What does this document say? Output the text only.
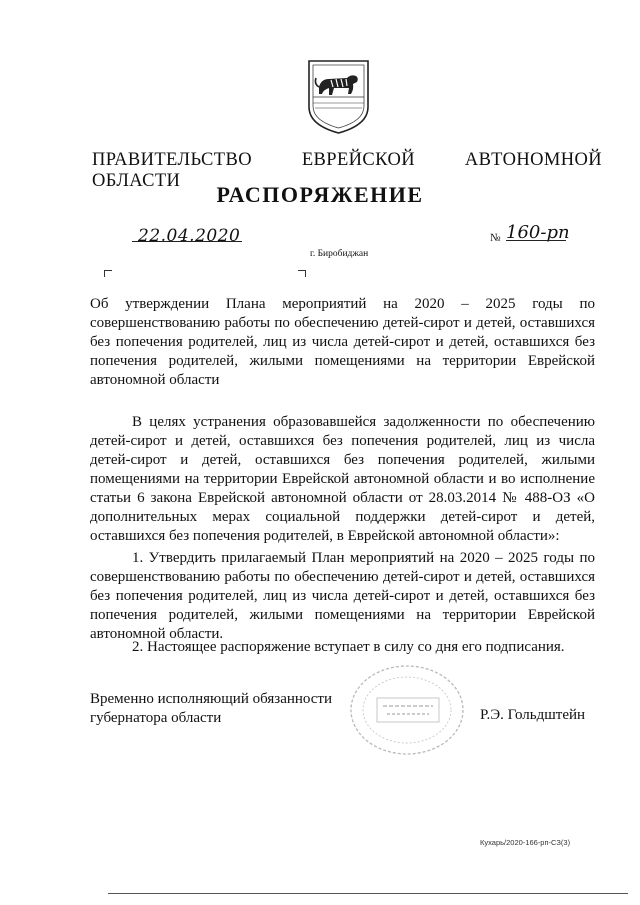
ПРАВИТЕЛЬСТВО ЕВРЕЙСКОЙ АВТОНОМНОЙ ОБЛАСТИ
РАСПОРЯЖЕНИЕ
22.04.2020	№ 160-рп
г. Биробиджан
Об утверждении Плана мероприятий на 2020 – 2025 годы по совершенствованию работы по обеспечению детей-сирот и детей, оставшихся без попечения родителей, лиц из числа детей-сирот и детей, оставшихся без попечения родителей, жилыми помещениями на территории Еврейской автономной области
В целях устранения образовавшейся задолженности по обеспечению детей-сирот и детей, оставшихся без попечения родителей, лиц из числа детей-сирот и детей, оставшихся без попечения родителей, жилыми помещениями на территории Еврейской автономной области и во исполнение статьи 6 закона Еврейской автономной области от 28.03.2014 № 488-ОЗ «О дополнительных мерах социальной поддержки детей-сирот и детей, оставшихся без попечения родителей, в Еврейской автономной области»:
1. Утвердить прилагаемый План мероприятий на 2020 – 2025 годы по совершенствованию работы по обеспечению детей-сирот и детей, оставшихся без попечения родителей, лиц из числа детей-сирот и детей, оставшихся без попечения родителей, жилыми помещениями на территории Еврейской автономной области.
2. Настоящее распоряжение вступает в силу со дня его подписания.
Временно исполняющий обязанности
губернатора области	Р.Э. Гольдштейн
Кухарь/2020-166-рп-СЗ(3)
